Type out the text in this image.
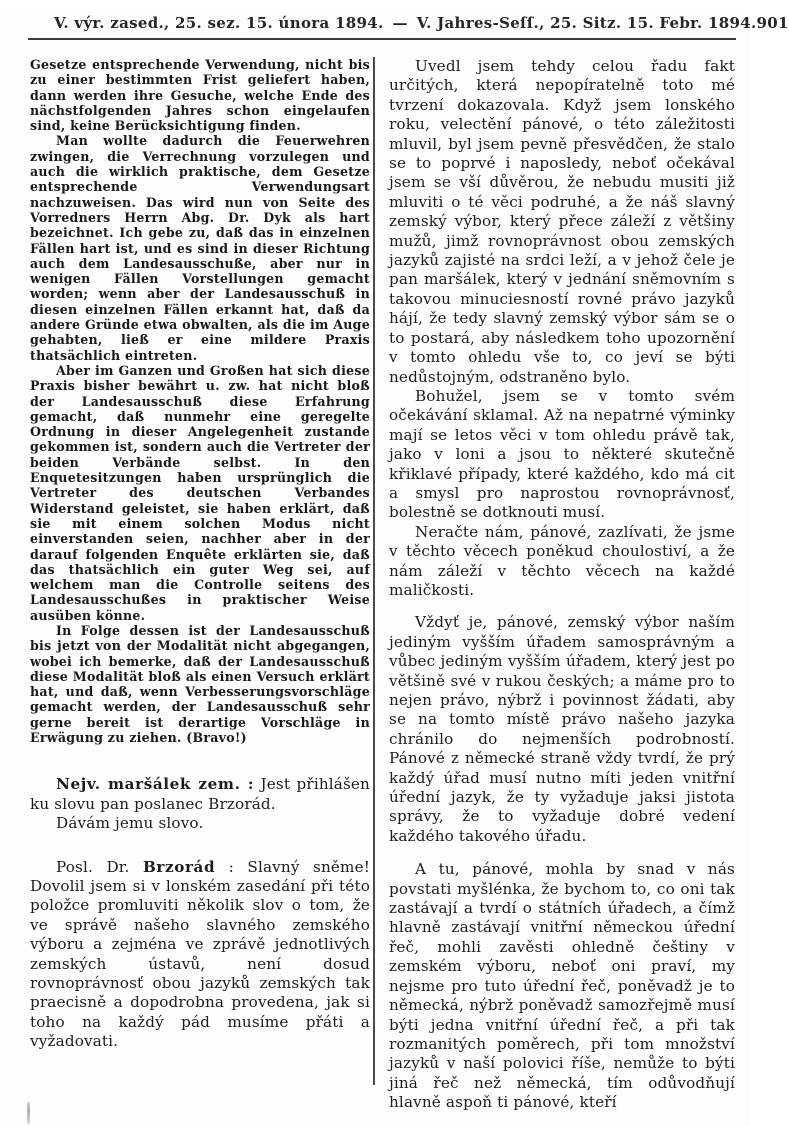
V. výr. zased., 25. sez. 15. února 1894. — V. Jahres-Seſſ., 25. Sitz. 15. Febr. 1894. 901

Gesetze entsprechende Verwendung, nicht bis zu einer bestimmten Frist geliefert haben, dann werden ihre Gesuche, welche Ende des nächstfolgenden Jahres schon eingelaufen sind, keine Berücksichtigung finden.

Man wollte dadurch die Feuerwehren zwingen, die Verrechnung vorzulegen und auch die wirklich praktische, dem Gesetze entsprechende Verwendungsart nachzuweisen. Das wird nun von Seite des Vorredners Herrn Abg. Dr. Dyk als hart bezeichnet. Ich gebe zu, daß das in einzelnen Fällen hart ist, und es sind in dieser Richtung auch dem Landesausschuße, aber nur in wenigen Fällen Vorstellungen gemacht worden; wenn aber der Landesausschuß in diesen einzelnen Fällen erkannt hat, daß da andere Gründe etwa obwalten, als die im Auge gehabten, ließ er eine mildere Praxis thatsächlich eintreten.

Aber im Ganzen und Großen hat sich diese Praxis bisher bewährt u. zw. hat nicht bloß der Landesausschuß diese Erfahrung gemacht, daß nunmehr eine geregelte Ordnung in dieser Angelegenheit zustande gekommen ist, sondern auch die Vertreter der beiden Verbände selbst. In den Enquetesitzungen haben ursprünglich die Vertreter des deutschen Verbandes Widerstand geleistet, sie haben erklärt, daß sie mit einem solchen Modus nicht einverstanden seien, nachher aber in der darauf folgenden Enquête erklärten sie, daß das thatsächlich ein guter Weg sei, auf welchem man die Controlle seitens des Landesausschußes in praktischer Weise ausüben könne.

In Folge dessen ist der Landesausschuß bis jetzt von der Modalität nicht abgegangen, wobei ich bemerke, daß der Landesausschuß diese Modalität bloß als einen Versuch erklärt hat, und daß, wenn Verbesserungsvorschläge gemacht werden, der Landesausschuß sehr gerne bereit ist derartige Vorschläge in Erwägung zu ziehen. (Bravo!)

Nejv. maršálek zem. : Jest přihlášen ku slovu pan poslanec Brzorád.

Dávám jemu slovo.

Posl. Dr. Brzorád : Slavný sněme! Dovolil jsem si v lonském zasedání při této položce promluviti několik slov o tom, že ve správě našeho slavného zemského výboru a zejména ve zprávě jednotlivých zemských ústavů, není dosud rovnoprávnosť obou jazyků zemských tak praecisně a dopodrobna provedena, jak si toho na každý pád musíme přáti a vyžadovati.

Uvedl jsem tehdy celou řadu fakt určitých, která nepopíratelně toto mé tvrzení dokazovala. Když jsem lonského roku, velectění pánové, o této záležitosti mluvil, byl jsem pevně přesvědčen, že stalo se to poprvé i naposledy, neboť očekával jsem se vší důvěrou, že nebudu musiti již mluviti o té věci podruhé, a že náš slavný zemský výbor, který přece záleží z většiny mužů, jimž rovnoprávnost obou zemských jazyků zajisté na srdci leží, a v jehož čele je pan maršálek, který v jednání sněmovním s takovou minuciesností rovné právo jazyků hájí, že tedy slavný zemský výbor sám se o to postará, aby následkem toho upozornění v tomto ohledu vše to, co jeví se býti nedůstojným, odstraněno bylo.

Bohužel, jsem se v tomto svém očekávání sklamal. Až na nepatrné výminky mají se letos věci v tom ohledu právě tak, jako v loni a jsou to některé skutečně křiklavé případy, které každého, kdo má cit a smysl pro naprostou rovnoprávnosť, bolestně se dotknouti musí.

Neračte nám, pánové, zazlívati, že jsme v těchto věcech poněkud choulostiví, a že nám záleží v těchto věcech na každé maličkosti.

Vždyť je, pánové, zemský výbor naším jediným vyšším úřadem samosprávným a vůbec jediným vyšším úřadem, který jest po většině své v rukou českých; a máme pro to nejen právo, nýbrž i povinnost žádati, aby se na tomto místě právo našeho jazyka chránilo do nejmenších podrobností. Pánové z německé straně vždy tvrdí, že prý každý úřad musí nutno míti jeden vnitřní úřední jazyk, že ty vyžaduje jaksi jistota správy, že to vyžaduje dobré vedení každého takového úřadu.

A tu, pánové, mohla by snad v nás povstati myšlénka, že bychom to, co oni tak zastávají a tvrdí o státních úřadech, a čímž hlavně zastávají vnitřní německou úřední řeč, mohli zavěsti ohledně češtiny v zemském výboru, neboť oni praví, my nejsme pro tuto úřední řeč, poněvadž je to německá, nýbrž poněvadž samozřejmě musí býti jedna vnitřní úřední řeč, a při tak rozmanitých poměrech, při tom množství jazyků v naší polovici říše, nemůže to býti jiná řeč než německá, tím odůvodňují hlavně aspoň ti pánové, kteří
